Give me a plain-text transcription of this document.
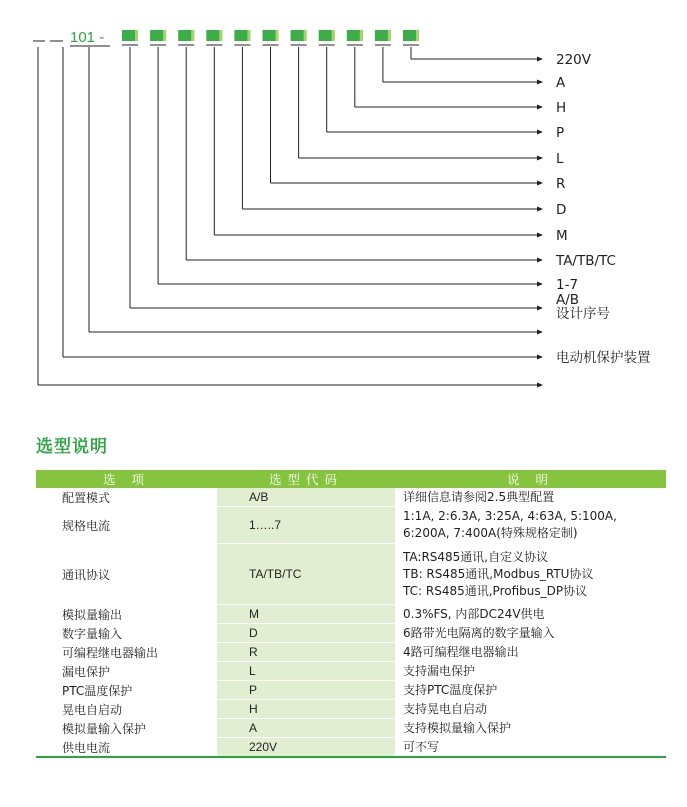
101 -
220V
A
H
P
L
R
D
M
TA/TB/TC
1-7
A/B
设计序号
电动机保护装置
选型说明
选 项	选型代码	说 明
配置模式	A/B	详细信息请参阅2.5典型配置

规格电流	1…..7	1:1A, 2:6.3A, 3:25A, 4:63A, 5:100A,
6:200A, 7:400A(特殊规格定制)

通讯协议	TA/TB/TC	TA:RS485通讯,自定义协议
TB: RS485通讯,Modbus_RTU协议
TC: RS485通讯,Profibus_DP协议

模拟量输出	M	0.3%FS, 内部DC24V供电

数字量输入	D	6路带光电隔离的数字量输入

可编程继电器输出	R	4路可编程继电器输出

漏电保护	L	支持漏电保护

PTC温度保护	P	支持PTC温度保护

晃电自启动	H	支持晃电自启动

模拟量输入保护	A	支持模拟量输入保护

供电电流	220V	可不写
